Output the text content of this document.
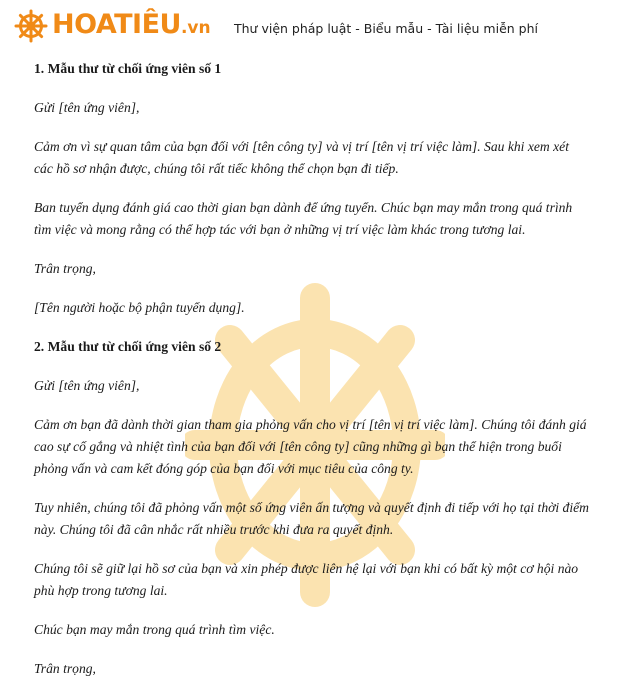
HOATIÊU.vn Thư viện pháp luật - Biểu mẫu - Tài liệu miễn phí

1. Mẫu thư từ chối ứng viên số 1

Gửi [tên ứng viên],

Cảm ơn vì sự quan tâm của bạn đối với [tên công ty] và vị trí [tên vị trí việc làm]. Sau khi xem xét các hồ sơ nhận được, chúng tôi rất tiếc không thể chọn bạn đi tiếp.

Ban tuyển dụng đánh giá cao thời gian bạn dành để ứng tuyển. Chúc bạn may mắn trong quá trình tìm việc và mong rằng có thể hợp tác với bạn ở những vị trí việc làm khác trong tương lai.

Trân trọng,

[Tên người hoặc bộ phận tuyển dụng].

2. Mẫu thư từ chối ứng viên số 2

Gửi [tên ứng viên],

Cảm ơn bạn đã dành thời gian tham gia phỏng vấn cho vị trí [tên vị trí việc làm]. Chúng tôi đánh giá cao sự cố gắng và nhiệt tình của bạn đối với [tên công ty] cũng những gì bạn thể hiện trong buổi phỏng vấn và cam kết đóng góp của bạn đối với mục tiêu của công ty.

Tuy nhiên, chúng tôi đã phỏng vấn một số ứng viên ấn tượng và quyết định đi tiếp với họ tại thời điểm này. Chúng tôi đã cân nhắc rất nhiều trước khi đưa ra quyết định.

Chúng tôi sẽ giữ lại hồ sơ của bạn và xin phép được liên hệ lại với bạn khi có bất kỳ một cơ hội nào phù hợp trong tương lai.

Chúc bạn may mắn trong quá trình tìm việc.

Trân trọng,
